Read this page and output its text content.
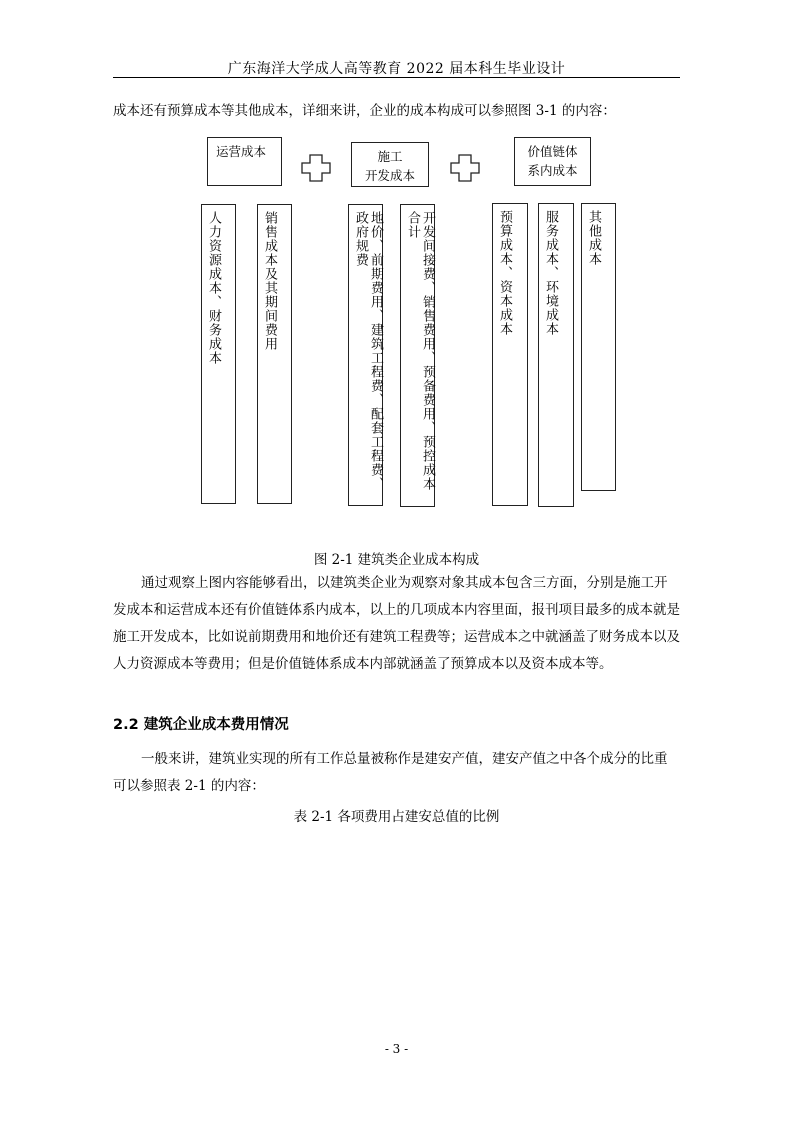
广东海洋大学成人高等教育 2022 届本科生毕业设计

成本还有预算成本等其他成本，详细来讲，企业的成本构成可以参照图 3-1 的内容：

运营成本	施工
开发成本
价值链体
系内成本
人力资源成本、财务成本	销售成本及其期间费用	地价、前期费用、建筑工程费、配套工程费、政府规费	开发间接费、销售费用、预备费用、预控成本合计	预算成本、资本成本 服务成本、环境成本 其他成本
图 2-1 建筑类企业成本构成

通过观察上图内容能够看出，以建筑类企业为观察对象其成本包含三方面，分别是施工开发成本和运营成本还有价值链体系内成本，以上的几项成本内容里面，报刊项目最多的成本就是施工开发成本，比如说前期费用和地价还有建筑工程费等；运营成本之中就涵盖了财务成本以及人力资源成本等费用；但是价值链体系成本内部就涵盖了预算成本以及资本成本等。

2.2 建筑企业成本费用情况

一般来讲，建筑业实现的所有工作总量被称作是建安产值，建安产值之中各个成分的比重可以参照表 2-1 的内容：

表 2-1 各项费用占建安总值的比例
- 3 -
